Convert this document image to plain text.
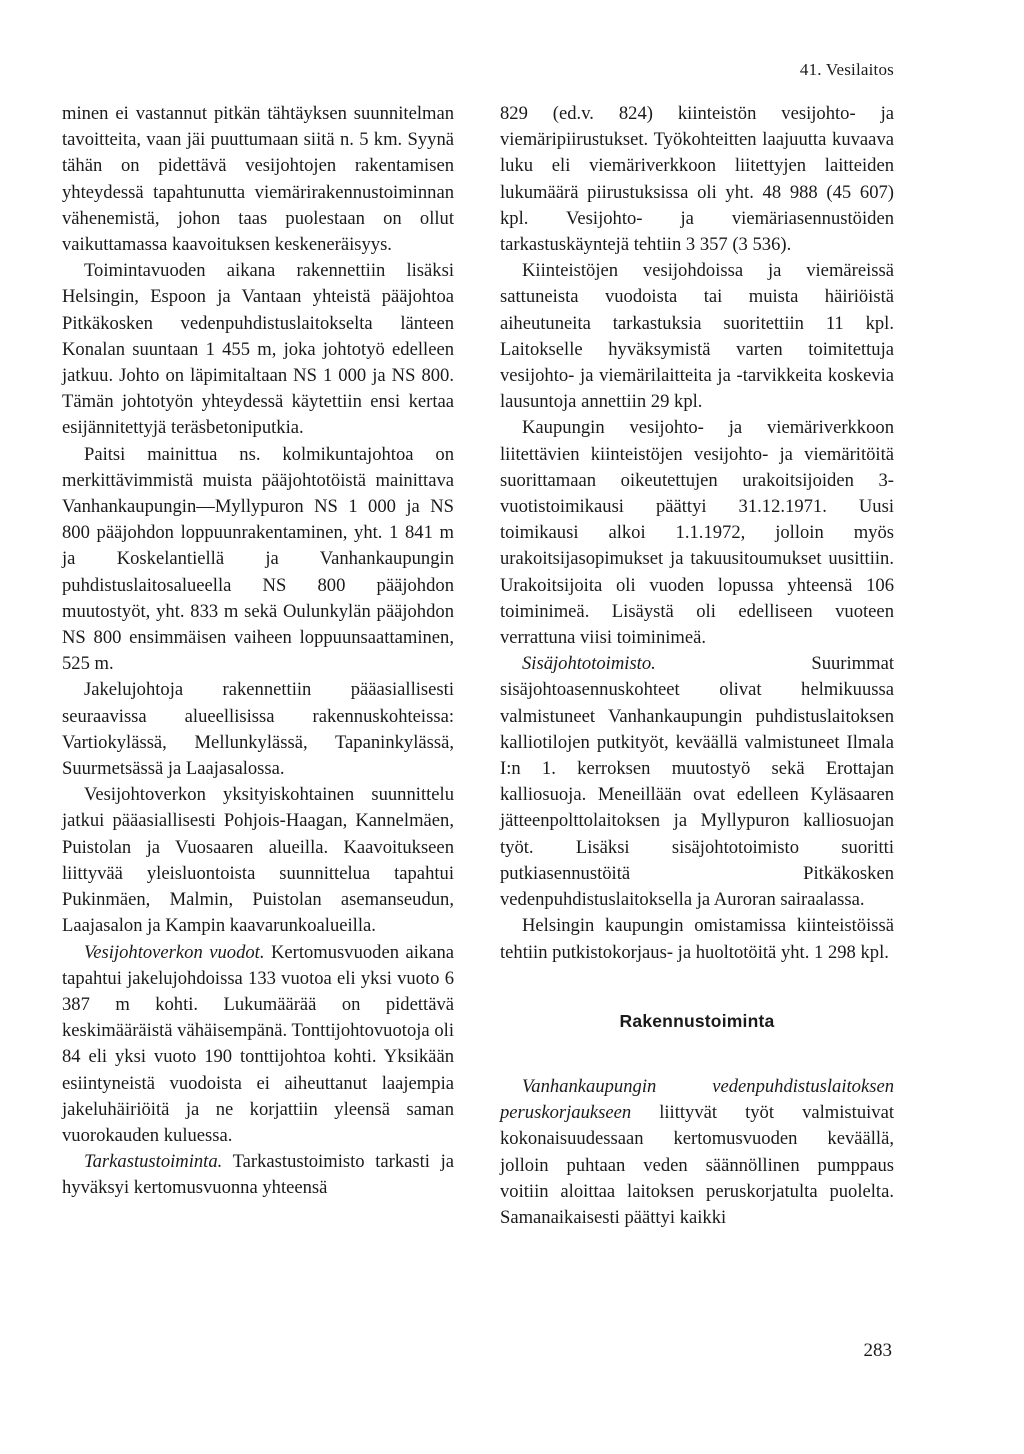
41. Vesilaitos

minen ei vastannut pitkän tähtäyksen suunnitelman tavoitteita, vaan jäi puuttumaan siitä n. 5 km. Syynä tähän on pidettävä vesijohtojen rakentamisen yhteydessä tapahtunutta viemärirakennustoiminnan vähenemistä, johon taas puolestaan on ollut vaikuttamassa kaavoituksen keskeneräisyys.

Toimintavuoden aikana rakennettiin lisäksi Helsingin, Espoon ja Vantaan yhteistä pääjohtoa Pitkäkosken vedenpuhdistuslaitokselta länteen Konalan suuntaan 1 455 m, joka johtotyö edelleen jatkuu. Johto on läpimitaltaan NS 1 000 ja NS 800. Tämän johtotyön yhteydessä käytettiin ensi kertaa esijännitettyjä teräsbetoniputkia.

Paitsi mainittua ns. kolmikuntajohtoa on merkittävimmistä muista pääjohtotöistä mainittava Vanhankaupungin—Myllypuron NS 1 000 ja NS 800 pääjohdon loppuunrakentaminen, yht. 1 841 m ja Koskelantiellä ja Vanhankaupungin puhdistuslaitosalueella NS 800 pääjohdon muutostyöt, yht. 833 m sekä Oulunkylän pääjohdon NS 800 ensimmäisen vaiheen loppuunsaattaminen, 525 m.

Jakelujohtoja rakennettiin pääasiallisesti seuraavissa alueellisissa rakennuskohteissa: Vartiokylässä, Mellunkylässä, Tapaninkylässä, Suurmetsässä ja Laajasalossa.

Vesijohtoverkon yksityiskohtainen suunnittelu jatkui pääasiallisesti Pohjois-Haagan, Kannelmäen, Puistolan ja Vuosaaren alueilla. Kaavoitukseen liittyvää yleisluontoista suunnittelua tapahtui Pukinmäen, Malmin, Puistolan asemanseudun, Laajasalon ja Kampin kaavarunkoalueilla.

Vesijohtoverkon vuodot. Kertomusvuoden aikana tapahtui jakelujohdoissa 133 vuotoa eli yksi vuoto 6 387 m kohti. Lukumäärää on pidettävä keskimääräistä vähäisempänä. Tonttijohtovuotoja oli 84 eli yksi vuoto 190 tonttijohtoa kohti. Yksikään esiintyneistä vuodoista ei aiheuttanut laajempia jakeluhäiriöitä ja ne korjattiin yleensä saman vuorokauden kuluessa.

Tarkastustoiminta. Tarkastustoimisto tarkasti ja hyväksyi kertomusvuonna yhteensä

829 (ed.v. 824) kiinteistön vesijohto- ja viemäripiirustukset. Työkohteitten laajuutta kuvaava luku eli viemäriverkkoon liitettyjen laitteiden lukumäärä piirustuksissa oli yht. 48 988 (45 607) kpl. Vesijohto- ja viemäriasennustöiden tarkastuskäyntejä tehtiin 3 357 (3 536).

Kiinteistöjen vesijohdoissa ja viemäreissä sattuneista vuodoista tai muista häiriöistä aiheutuneita tarkastuksia suoritettiin 11 kpl. Laitokselle hyväksymistä varten toimitettuja vesijohto- ja viemärilaitteita ja -tarvikkeita koskevia lausuntoja annettiin 29 kpl.

Kaupungin vesijohto- ja viemäriverkkoon liitettävien kiinteistöjen vesijohto- ja viemäritöitä suorittamaan oikeutettujen urakoitsijoiden 3-vuotistoimikausi päättyi 31.12.1971. Uusi toimikausi alkoi 1.1.1972, jolloin myös urakoitsijasopimukset ja takuusitoumukset uusittiin. Urakoitsijoita oli vuoden lopussa yhteensä 106 toiminimeä. Lisäystä oli edelliseen vuoteen verrattuna viisi toiminimeä.

Sisäjohtotoimisto. Suurimmat sisäjohtoasennuskohteet olivat helmikuussa valmistuneet Vanhankaupungin puhdistuslaitoksen kalliotilojen putkityöt, keväällä valmistuneet Ilmala I:n 1. kerroksen muutostyö sekä Erottajan kalliosuoja. Meneillään ovat edelleen Kyläsaaren jätteenpolttolaitoksen ja Myllypuron kalliosuojan työt. Lisäksi sisäjohtotoimisto suoritti putkiasennustöitä Pitkäkosken vedenpuhdistuslaitoksella ja Auroran sairaalassa.

Helsingin kaupungin omistamissa kiinteistöissä tehtiin putkistokorjaus- ja huoltotöitä yht. 1 298 kpl.

Rakennustoiminta

Vanhankaupungin vedenpuhdistuslaitoksen peruskorjaukseen liittyvät työt valmistuivat kokonaisuudessaan kertomusvuoden keväällä, jolloin puhtaan veden säännöllinen pumppaus voitiin aloittaa laitoksen peruskorjatulta puolelta. Samanaikaisesti päättyi kaikki

283
